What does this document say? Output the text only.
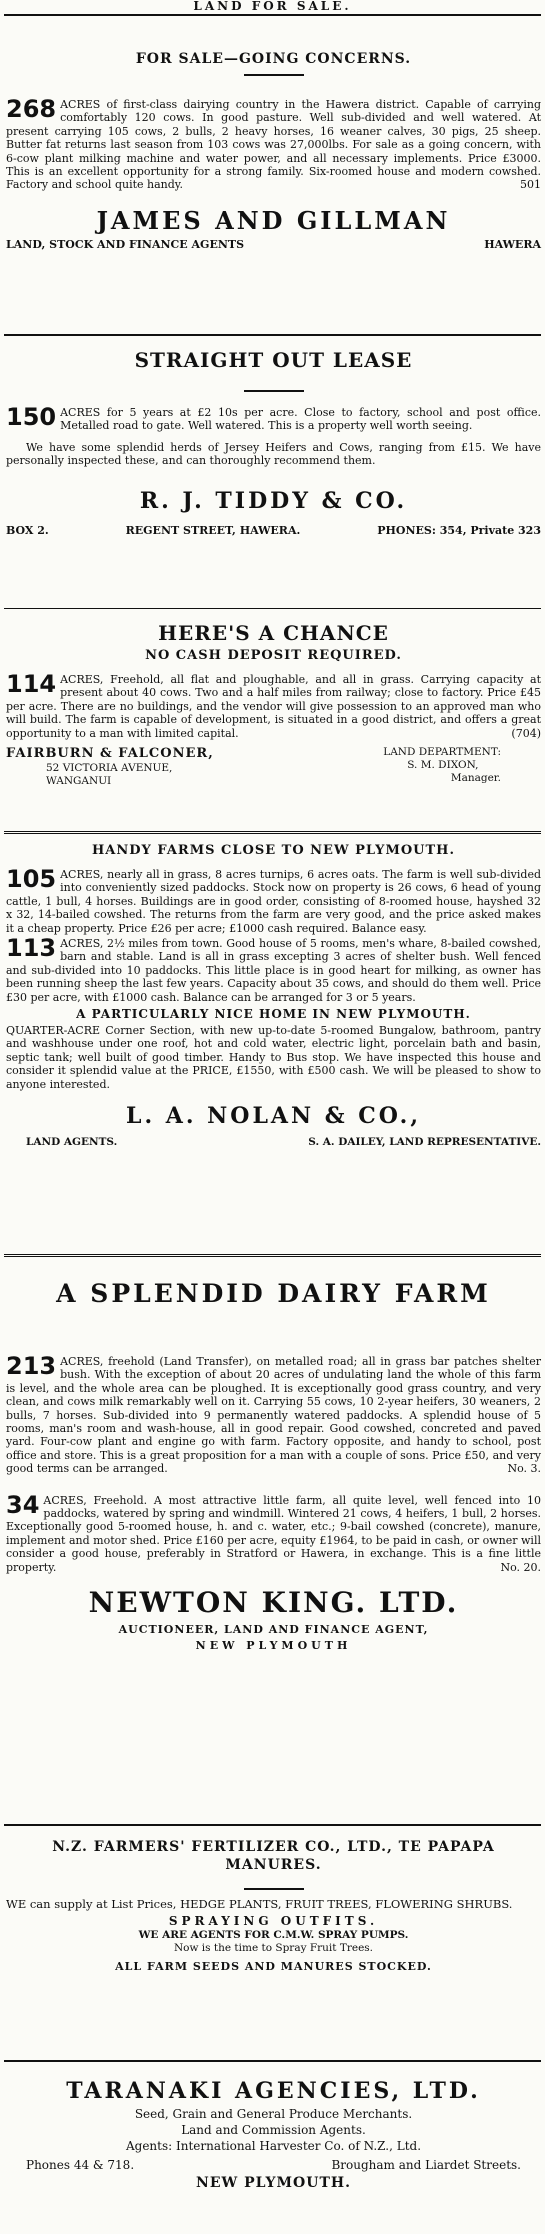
LAND FOR SALE.
FOR SALE—GOING CONCERNS.
268 ACRES of first-class dairying country in the Hawera district. Capable of carrying comfortably 120 cows. In good pasture. Well sub-divided and well watered. At present carrying 105 cows, 2 bulls, 2 heavy horses, 16 weaner calves, 30 pigs, 25 sheep. Butter fat returns last season from 103 cows was 27,000lbs. For sale as a going concern, with 6-cow plant milking machine and water power, and all necessary implements. Price £3000. This is an excellent opportunity for a strong family. Six-roomed house and modern cowshed. Factory and school quite handy.	501
JAMES AND GILLMAN
LAND, STOCK AND FINANCE AGENTS	HAWERA
STRAIGHT OUT LEASE
150 ACRES for 5 years at £2 10s per acre. Close to factory, school and post office. Metalled road to gate. Well watered. This is a property well worth seeing.
We have some splendid herds of Jersey Heifers and Cows, ranging from £15. We have personally inspected these, and can thoroughly recommend them.
R. J. TIDDY & CO.
BOX 2.	REGENT STREET, HAWERA.	PHONES: 354, Private 323
HERE'S A CHANCE
NO CASH DEPOSIT REQUIRED.
114 ACRES, Freehold, all flat and ploughable, and all in grass. Carrying capacity at present about 40 cows. Two and a half miles from railway; close to factory. Price £45 per acre. There are no buildings, and the vendor will give possession to an approved man who will build. The farm is capable of development, is situated in a good district, and offers a great opportunity to a man with limited capital.	(704)
FAIRBURN & FALCONER,
52 VICTORIA AVENUE,
WANGANUI
LAND DEPARTMENT:
S. M. DIXON,
Manager.
HANDY FARMS CLOSE TO NEW PLYMOUTH.
105 ACRES, nearly all in grass, 8 acres turnips, 6 acres oats. The farm is well sub-divided into conveniently sized paddocks. Stock now on property is 26 cows, 6 head of young cattle, 1 bull, 4 horses. Buildings are in good order, consisting of 8-roomed house, hayshed 32 x 32, 14-bailed cowshed. The returns from the farm are very good, and the price asked makes it a cheap property. Price £26 per acre; £1000 cash required. Balance easy.
113 ACRES, 2½ miles from town. Good house of 5 rooms, men's whare, 8-bailed cowshed, barn and stable. Land is all in grass excepting 3 acres of shelter bush. Well fenced and sub-divided into 10 paddocks. This little place is in good heart for milking, as owner has been running sheep the last few years. Capacity about 35 cows, and should do them well. Price £30 per acre, with £1000 cash. Balance can be arranged for 3 or 5 years.
A PARTICULARLY NICE HOME IN NEW PLYMOUTH.
QUARTER-ACRE Corner Section, with new up-to-date 5-roomed Bungalow, bathroom, pantry and washhouse under one roof, hot and cold water, electric light, porcelain bath and basin, septic tank; well built of good timber. Handy to Bus stop. We have inspected this house and consider it splendid value at the PRICE, £1550, with £500 cash. We will be pleased to show to anyone interested.
L. A. NOLAN & CO.,
LAND AGENTS.	S. A. DAILEY, LAND REPRESENTATIVE.
A SPLENDID DAIRY FARM
213 ACRES, freehold (Land Transfer), on metalled road; all in grass bar patches shelter bush. With the exception of about 20 acres of undulating land the whole of this farm is level, and the whole area can be ploughed. It is exceptionally good grass country, and very clean, and cows milk remarkably well on it. Carrying 55 cows, 10 2-year heifers, 30 weaners, 2 bulls, 7 horses. Sub-divided into 9 permanently watered paddocks. A splendid house of 5 rooms, man's room and wash-house, all in good repair. Good cowshed, concreted and paved yard. Four-cow plant and engine go with farm. Factory opposite, and handy to school, post office and store. This is a great proposition for a man with a couple of sons. Price £50, and very good terms can be arranged.	No. 3.
34 ACRES, Freehold. A most attractive little farm, all quite level, well fenced into 10 paddocks, watered by spring and windmill. Wintered 21 cows, 4 heifers, 1 bull, 2 horses. Exceptionally good 5-roomed house, h. and c. water, etc.; 9-bail cowshed (concrete), manure, implement and motor shed. Price £160 per acre, equity £1964, to be paid in cash, or owner will consider a good house, preferably in Stratford or Hawera, in exchange. This is a fine little property.	No. 20.
NEWTON KING. LTD.
AUCTIONEER, LAND AND FINANCE AGENT,
NEW PLYMOUTH
N.Z. FARMERS' FERTILIZER CO., LTD., TE PAPAPA
MANURES.
WE can supply at List Prices, HEDGE PLANTS, FRUIT TREES, FLOWERING SHRUBS.
SPRAYING OUTFITS.
WE ARE AGENTS FOR C.M.W. SPRAY PUMPS.
Now is the time to Spray Fruit Trees.
ALL FARM SEEDS AND MANURES STOCKED.
TARANAKI AGENCIES, LTD.
Seed, Grain and General Produce Merchants.
Land and Commission Agents.
Agents: International Harvester Co. of N.Z., Ltd.
Phones 44 & 718.	Brougham and Liardet Streets.
NEW PLYMOUTH.
